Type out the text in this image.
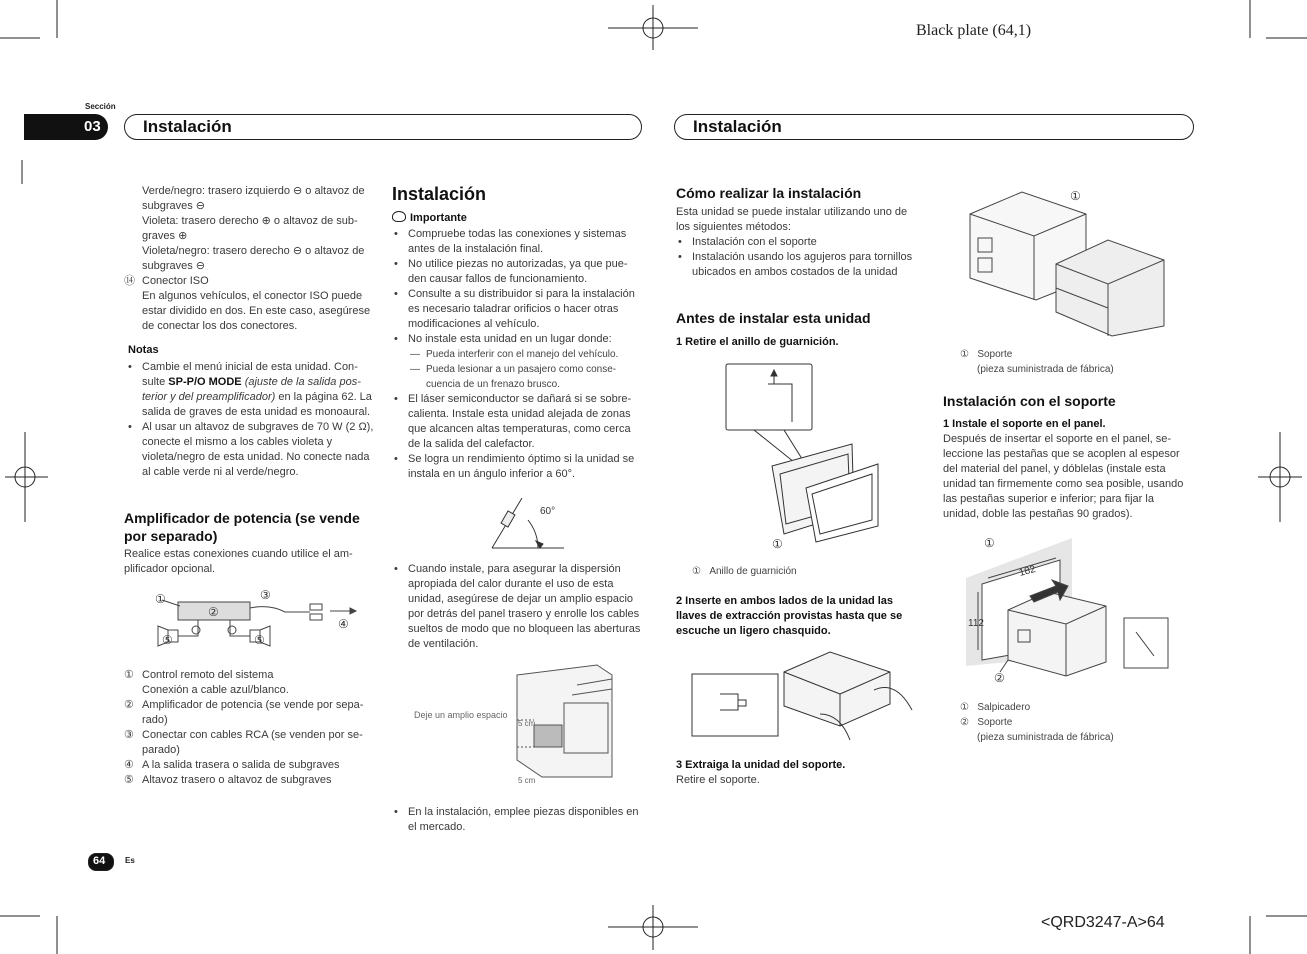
Black plate (64,1)
Sección
03 Instalación	Instalación
Verde/negro: trasero izquierdo ⊖ o altavoz de subgraves ⊖
Violeta: trasero derecho ⊕ o altavoz de subgraves ⊕
Violeta/negro: trasero derecho ⊖ o altavoz de subgraves ⊖
⑭ Conector ISO
En algunos vehículos, el conector ISO puede estar dividido en dos. En este caso, asegúrese de conectar los dos conectores.
Notas
• Cambie el menú inicial de esta unidad. Consulte SP-P/O MODE (ajuste de la salida posterior y del preamplificador) en la página 62. La salida de graves de esta unidad es monoaural.
• Al usar un altavoz de subgraves de 70 W (2 Ω), conecte el mismo a los cables violeta y violeta/negro de esta unidad. No conecte nada al cable verde ni al verde/negro.
Amplificador de potencia (se vende por separado)
Realice estas conexiones cuando utilice el amplificador opcional.
①
②
③
④
⑤	⑤
① Control remoto del sistema
Conexión a cable azul/blanco.
② Amplificador de potencia (se vende por separado)
③ Conectar con cables RCA (se venden por separado)
④ A la salida trasera o salida de subgraves
⑤ Altavoz trasero o altavoz de subgraves
Instalación
Importante
• Compruebe todas las conexiones y sistemas antes de la instalación final.
• No utilice piezas no autorizadas, ya que pueden causar fallos de funcionamiento.
• Consulte a su distribuidor si para la instalación es necesario taladrar orificios o hacer otras modificaciones al vehículo.
• No instale esta unidad en un lugar donde:
— Pueda interferir con el manejo del vehículo.
— Pueda lesionar a un pasajero como consecuencia de un frenazo brusco.
• El láser semiconductor se dañará si se sobrecalienta. Instale esta unidad alejada de zonas que alcancen altas temperaturas, como cerca de la salida del calefactor.
• Se logra un rendimiento óptimo si la unidad se instala en un ángulo inferior a 60°.
60°
• Cuando instale, para asegurar la dispersión apropiada del calor durante el uso de esta unidad, asegúrese de dejar un amplio espacio por detrás del panel trasero y enrolle los cables sueltos de modo que no bloqueen las aberturas de ventilación.
Deje un amplio espacio
5 cm
5 cm
• En la instalación, emplee piezas disponibles en el mercado.
Cómo realizar la instalación
Esta unidad se puede instalar utilizando uno de los siguientes métodos:
• Instalación con el soporte
• Instalación usando los agujeros para tornillos ubicados en ambos costados de la unidad
Antes de instalar esta unidad
1 Retire el anillo de guarnición.
①
① Anillo de guarnición
2 Inserte en ambos lados de la unidad las llaves de extracción provistas hasta que se escuche un ligero chasquido.
3 Extraiga la unidad del soporte.
Retire el soporte.
①
① Soporte
(pieza suministrada de fábrica)
Instalación con el soporte
1 Instale el soporte en el panel.
Después de insertar el soporte en el panel, seleccione las pestañas que se acoplen al espesor del material del panel, y dóblelas (instale esta unidad tan firmemente como sea posible, usando las pestañas superior e inferior; para fijar la unidad, doble las pestañas 90 grados).
182
112
①
②
① Salpicadero
② Soporte
(pieza suministrada de fábrica)
64 Es
<QRD3247-A>64
